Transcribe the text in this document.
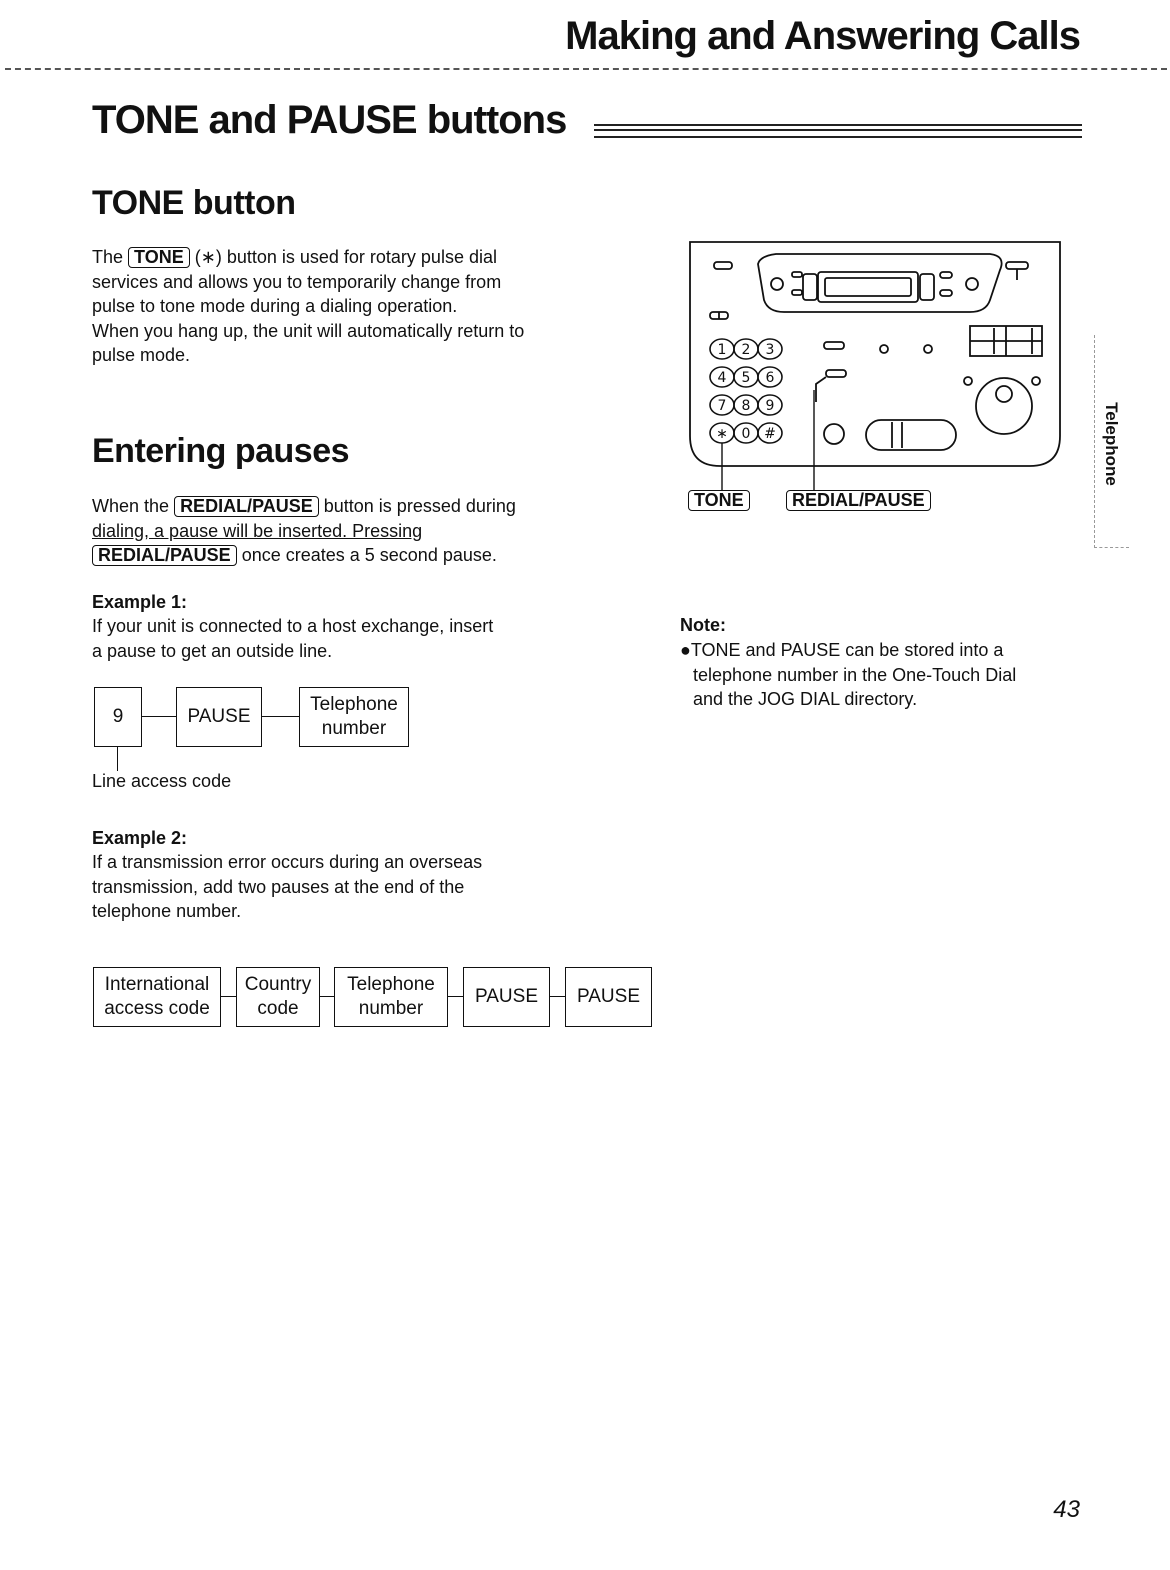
Making and Answering Calls
TONE and PAUSE buttons
TONE button
The TONE (∗) button is used for rotary pulse dial
services and allows you to temporarily change from
pulse to tone mode during a dialing operation.
When you hang up, the unit will automatically return to
pulse mode.
Entering pauses
When the REDIAL/PAUSE button is pressed during
dialing, a pause will be inserted. Pressing
REDIAL/PAUSE once creates a 5 second pause.
Example 1:
If your unit is connected to a host exchange, insert
a pause to get an outside line.
9	PAUSE
Telephone
number
Line access code
Example 2:
If a transmission error occurs during an overseas
transmission, add two pauses at the end of the
telephone number.
International
access code
Country
code
Telephone
number
PAUSE	PAUSE
1 2 3
4 5 6
7 8 9
∗ 0 #
TONE	REDIAL/PAUSE
Note:
●TONE and PAUSE can be stored into a
telephone number in the One-Touch Dial
and the JOG DIAL directory.
Telephone
43
